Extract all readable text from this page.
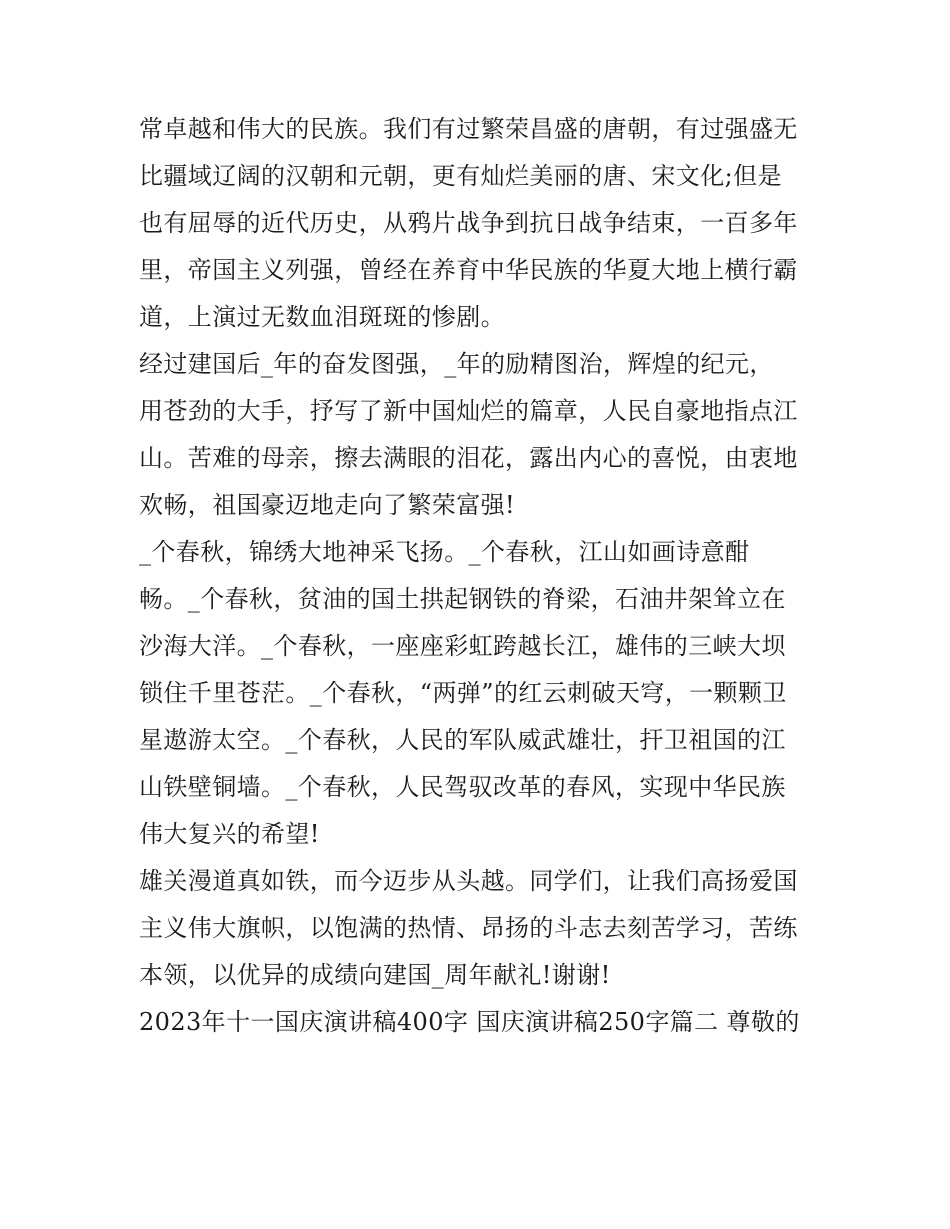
常卓越和伟大的民族。我们有过繁荣昌盛的唐朝，有过强盛无
比疆域辽阔的汉朝和元朝，更有灿烂美丽的唐、宋文化;但是
也有屈辱的近代历史，从鸦片战争到抗日战争结束，一百多年
里，帝国主义列强，曾经在养育中华民族的华夏大地上横行霸
道，上演过无数血泪斑斑的惨剧。
经过建国后_年的奋发图强，_年的励精图治，辉煌的纪元，
用苍劲的大手，抒写了新中国灿烂的篇章，人民自豪地指点江
山。苦难的母亲，擦去满眼的泪花，露出内心的喜悦，由衷地
欢畅，祖国豪迈地走向了繁荣富强!
_个春秋，锦绣大地神采飞扬。_个春秋，江山如画诗意酣
畅。_个春秋，贫油的国土拱起钢铁的脊梁，石油井架耸立在
沙海大洋。_个春秋，一座座彩虹跨越长江，雄伟的三峡大坝
锁住千里苍茫。_个春秋，“两弹”的红云刺破天穹，一颗颗卫
星遨游太空。_个春秋，人民的军队威武雄壮，扞卫祖国的江
山铁壁铜墙。_个春秋，人民驾驭改革的春风，实现中华民族
伟大复兴的希望!
雄关漫道真如铁，而今迈步从头越。同学们，让我们高扬爱国
主义伟大旗帜，以饱满的热情、昂扬的斗志去刻苦学习，苦练
本领，以优异的成绩向建国_周年献礼!谢谢!
2023年十一国庆演讲稿400字 国庆演讲稿250字篇二 尊敬的
